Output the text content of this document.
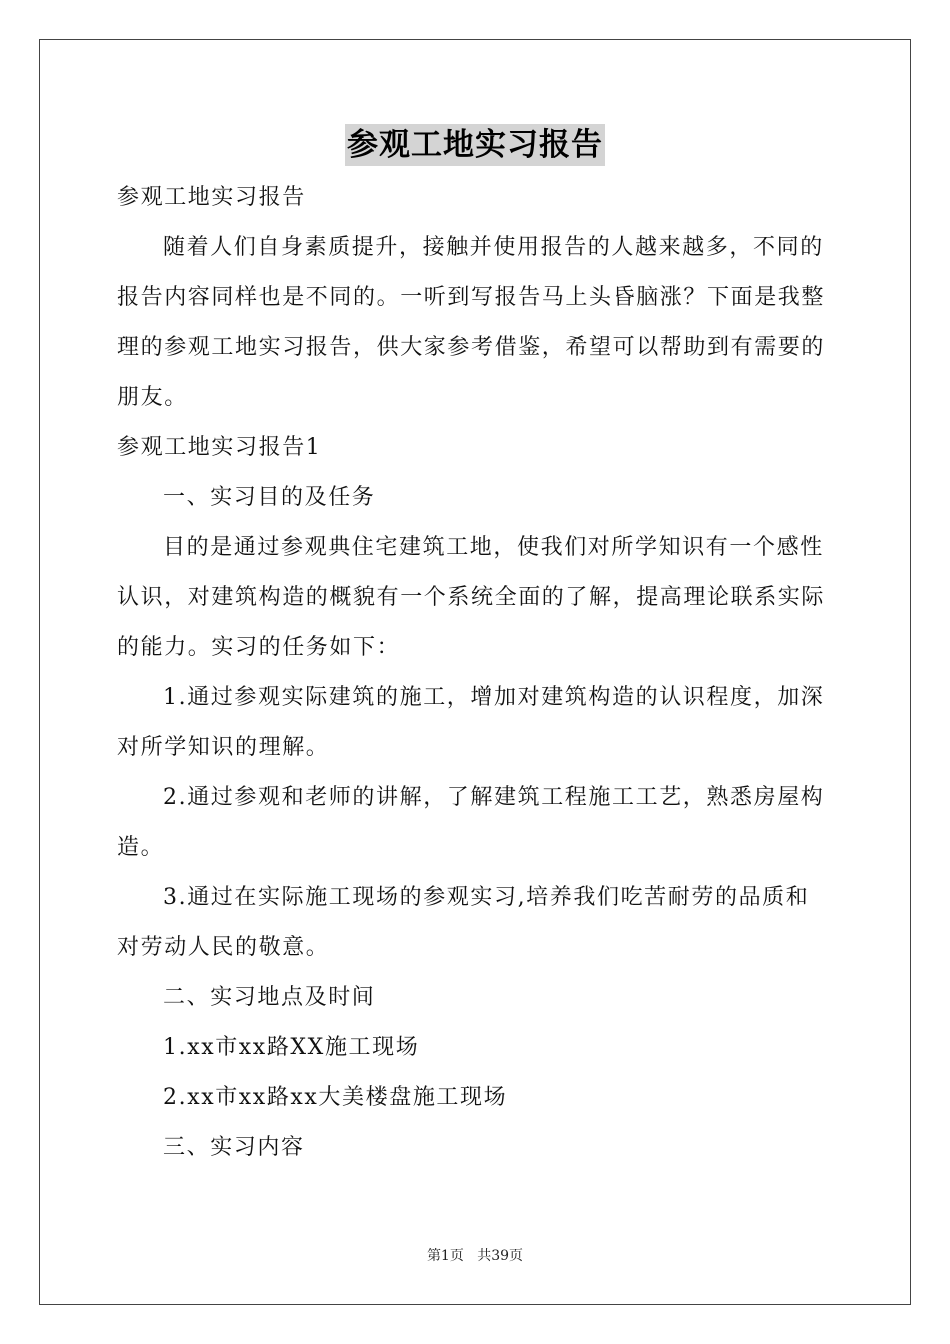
参观工地实习报告
参观工地实习报告
随着人们自身素质提升，接触并使用报告的人越来越多，不同的
报告内容同样也是不同的。一听到写报告马上头昏脑涨？下面是我整
理的参观工地实习报告，供大家参考借鉴，希望可以帮助到有需要的
朋友。
参观工地实习报告1
一、实习目的及任务
目的是通过参观典住宅建筑工地，使我们对所学知识有一个感性
认识，对建筑构造的概貌有一个系统全面的了解，提高理论联系实际
的能力。实习的任务如下：
1.通过参观实际建筑的施工，增加对建筑构造的认识程度，加深
对所学知识的理解。
2.通过参观和老师的讲解，了解建筑工程施工工艺，熟悉房屋构
造。
3.通过在实际施工现场的参观实习,培养我们吃苦耐劳的品质和
对劳动人民的敬意。
二、实习地点及时间
1.xx市xx路XX施工现场
2.xx市xx路xx大美楼盘施工现场
三、实习内容
第1页 共39页
